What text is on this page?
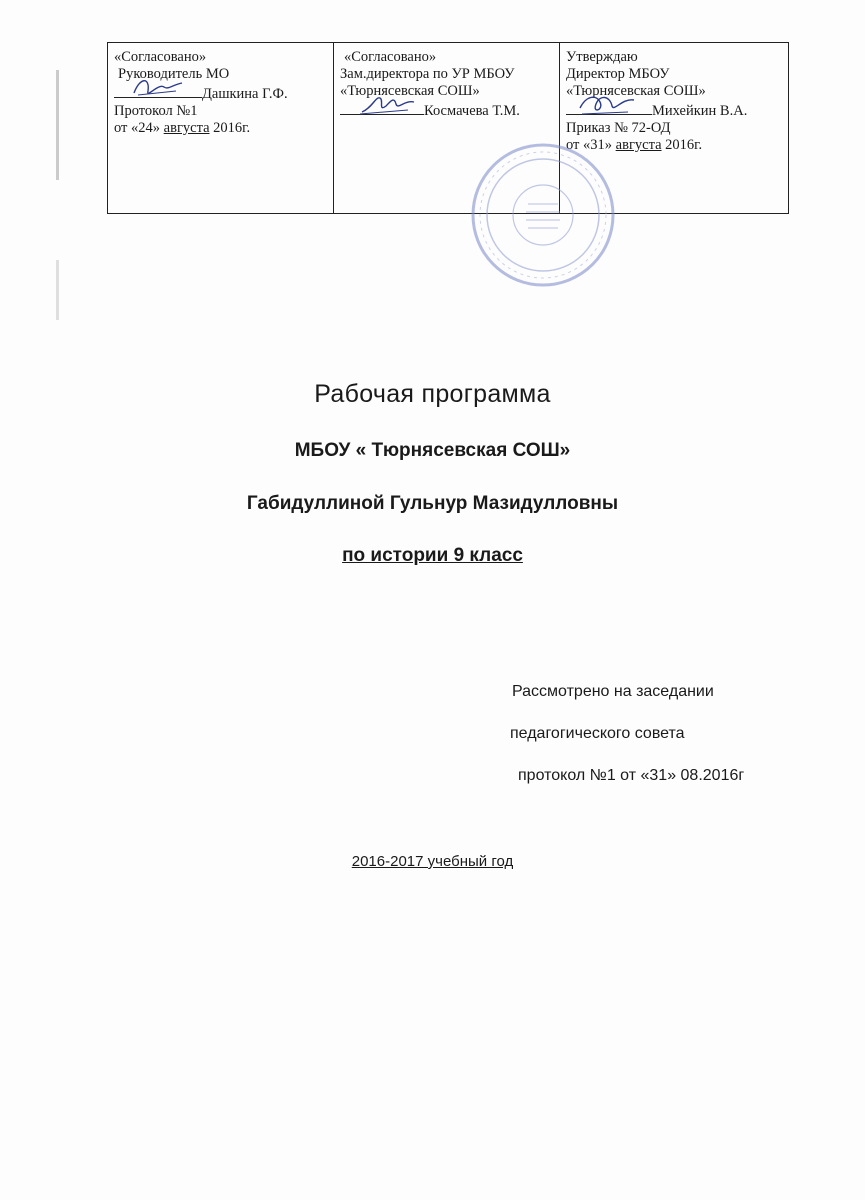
«Согласовано»
Руководитель МО
Дашкина Г.Ф.
Протокол №1
от «24» августа 2016г.
«Согласовано»
Зам.директора по УР МБОУ
«Тюрнясевская СОШ»
Космачева Т.М.
Утверждаю
Директор МБОУ
«Тюрнясевская СОШ»
Михейкин В.А.
Приказ № 72-ОД
от «31» августа 2016г.
Рабочая программа
МБОУ « Тюрнясевская СОШ»
Габидуллиной Гульнур Мазидулловны
по истории 9 класс
Рассмотрено на заседании
педагогического совета
протокол №1 от «31» 08.2016г
2016-2017 учебный год
